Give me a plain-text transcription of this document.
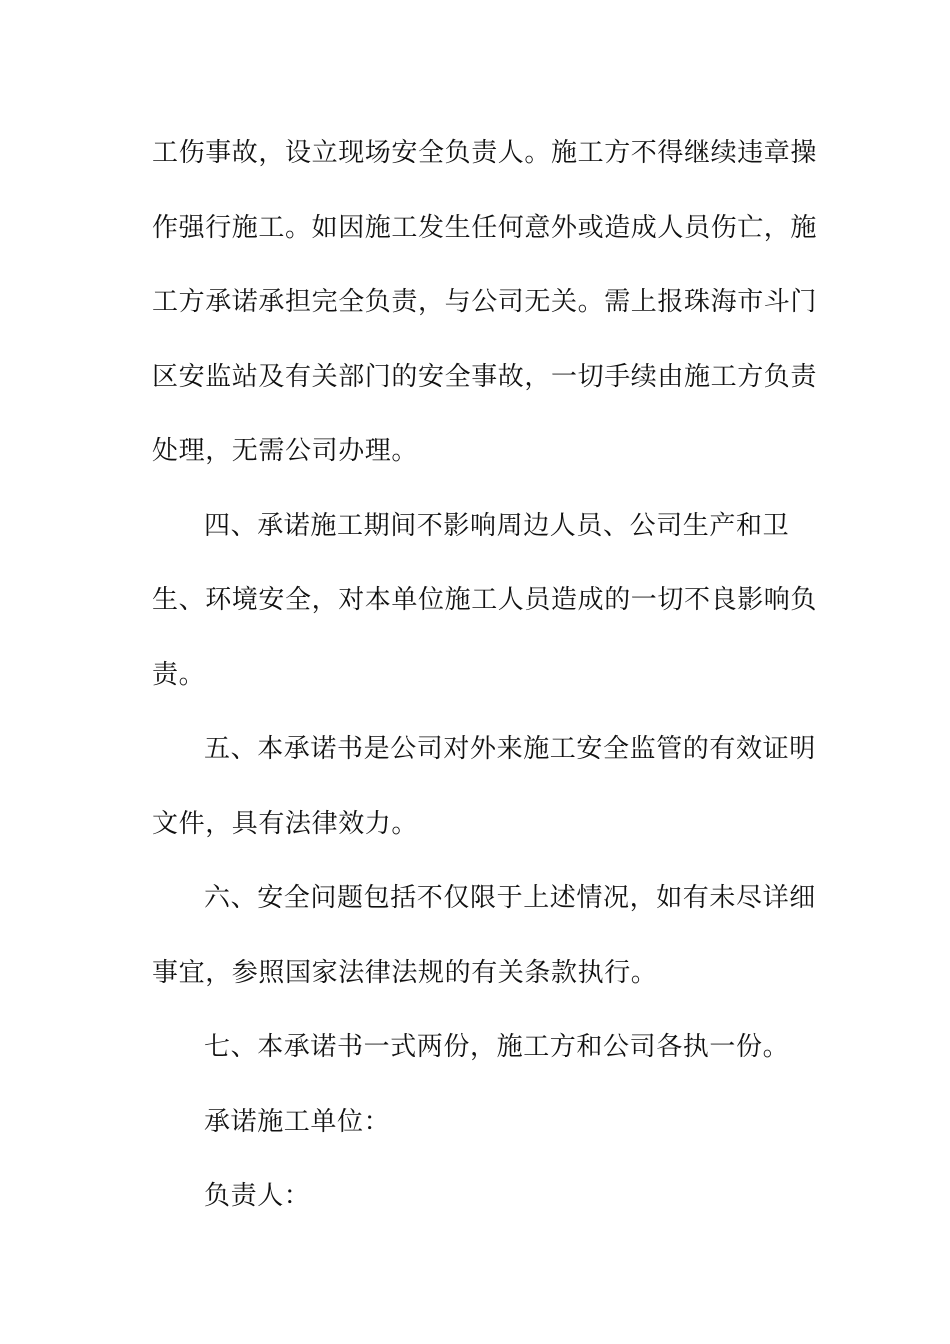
工伤事故，设立现场安全负责人。施工方不得继续违章操
作强行施工。如因施工发生任何意外或造成人员伤亡，施
工方承诺承担完全负责，与公司无关。需上报珠海市斗门
区安监站及有关部门的安全事故，一切手续由施工方负责
处理，无需公司办理。
四、承诺施工期间不影响周边人员、公司生产和卫
生、环境安全，对本单位施工人员造成的一切不良影响负
责。
五、本承诺书是公司对外来施工安全监管的有效证明
文件，具有法律效力。
六、安全问题包括不仅限于上述情况，如有未尽详细
事宜，参照国家法律法规的有关条款执行。
七、本承诺书一式两份，施工方和公司各执一份。
承诺施工单位：
负责人：
